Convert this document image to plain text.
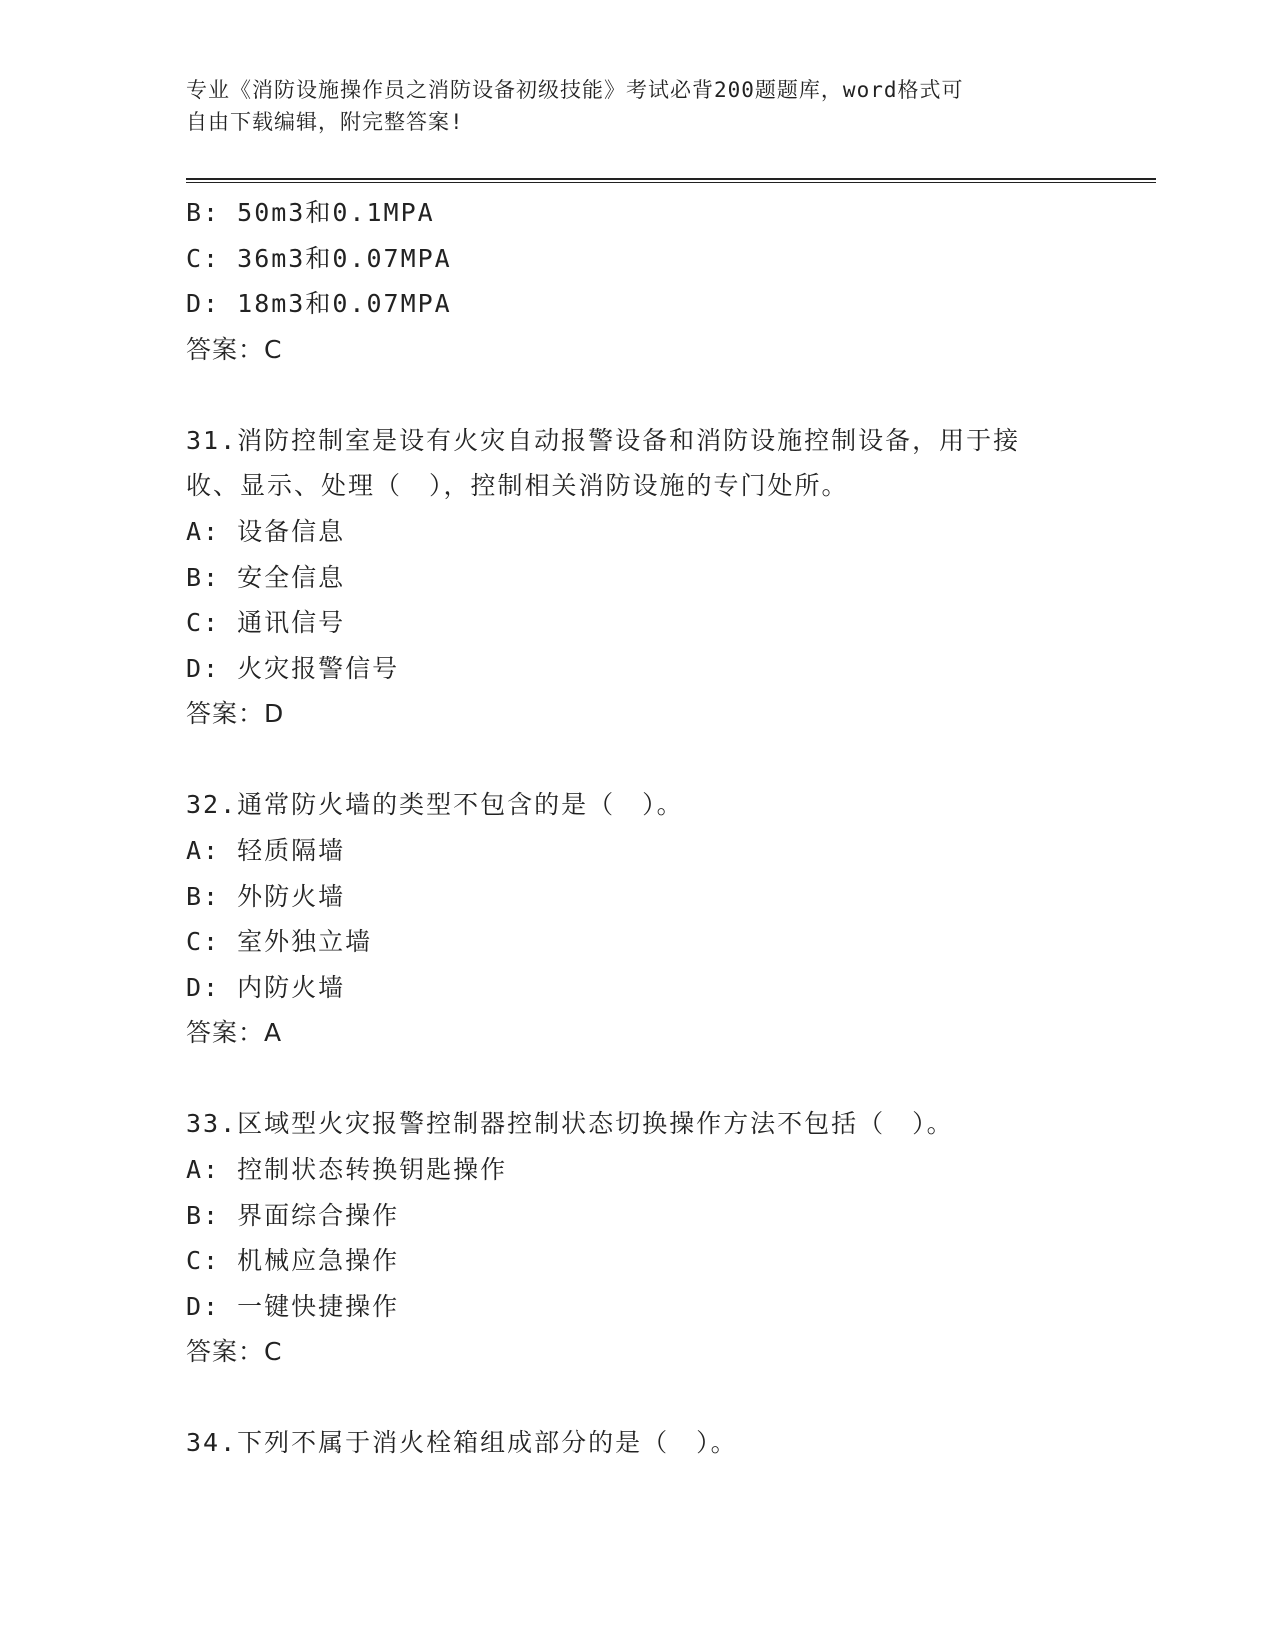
专业《消防设施操作员之消防设备初级技能》考试必背200题题库，word格式可
自由下载编辑，附完整答案!
B: 50m3和0.1MPA
C: 36m3和0.07MPA
D: 18m3和0.07MPA
答案：C
31.消防控制室是设有火灾自动报警设备和消防设施控制设备，用于接
收、显示、处理（　），控制相关消防设施的专门处所。
A: 设备信息
B: 安全信息
C: 通讯信号
D: 火灾报警信号
答案：D
32.通常防火墙的类型不包含的是（　）。
A: 轻质隔墙
B: 外防火墙
C: 室外独立墙
D: 内防火墙
答案：A
33.区域型火灾报警控制器控制状态切换操作方法不包括（　）。
A: 控制状态转换钥匙操作
B: 界面综合操作
C: 机械应急操作
D: 一键快捷操作
答案：C
34.下列不属于消火栓箱组成部分的是（　）。
